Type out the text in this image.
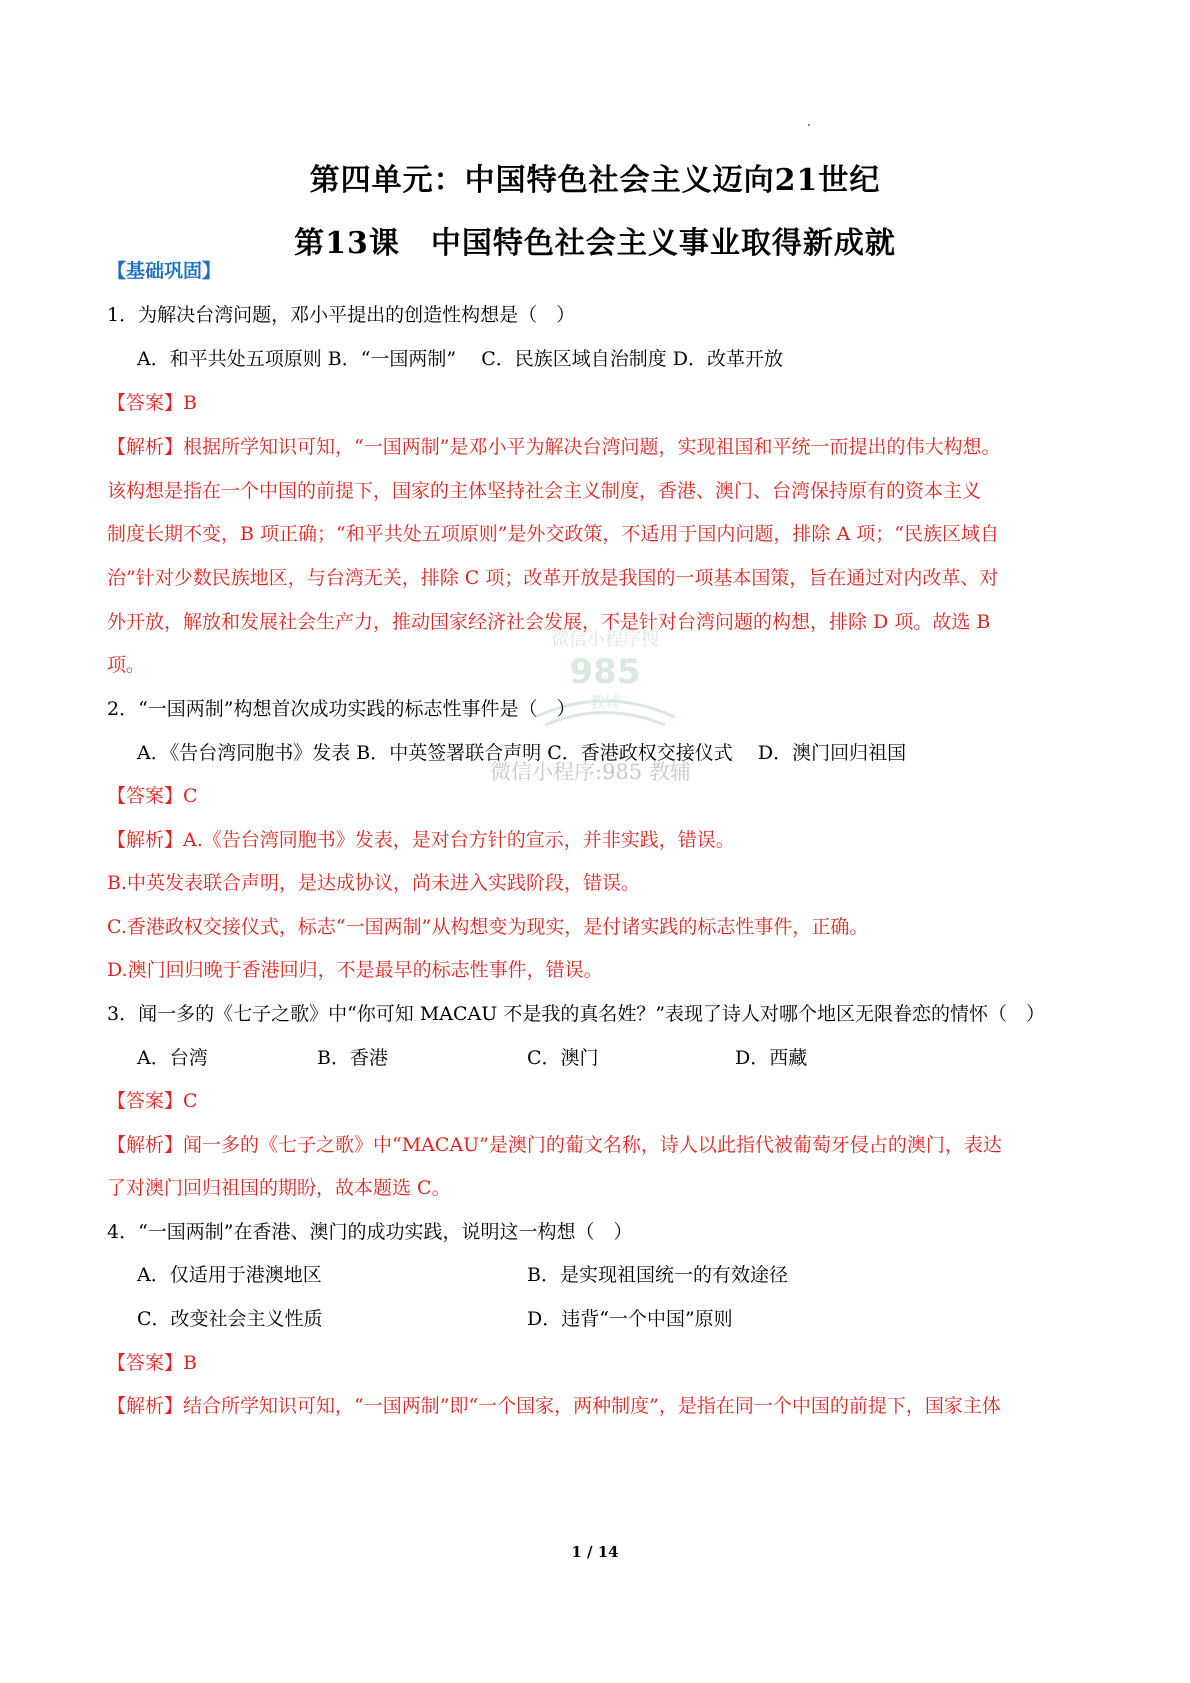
第四单元：中国特色社会主义迈向21世纪
第13课　中国特色社会主义事业取得新成就
【基础巩固】
1．为解决台湾问题，邓小平提出的创造性构想是（　）
A．和平共处五项原则 B．“一国两制”　 C．民族区域自治制度 D．改革开放
【答案】B
【解析】根据所学知识可知，“一国两制”是邓小平为解决台湾问题，实现祖国和平统一而提出的伟大构想。
该构想是指在一个中国的前提下，国家的主体坚持社会主义制度，香港、澳门、台湾保持原有的资本主义
制度长期不变，B 项正确；“和平共处五项原则”是外交政策，不适用于国内问题，排除 A 项；“民族区域自
治”针对少数民族地区，与台湾无关，排除 C 项；改革开放是我国的一项基本国策，旨在通过对内改革、对
外开放，解放和发展社会生产力，推动国家经济社会发展，不是针对台湾问题的构想，排除 D 项。故选 B
项。
2．“一国两制”构想首次成功实践的标志性事件是（　）
A．《告台湾同胞书》发表 B．中英签署联合声明 C．香港政权交接仪式　 D．澳门回归祖国
【答案】C
【解析】A.《告台湾同胞书》发表，是对台方针的宣示，并非实践，错误。
B.中英发表联合声明，是达成协议，尚未进入实践阶段，错误。
C.香港政权交接仪式，标志“一国两制”从构想变为现实，是付诸实践的标志性事件，正确。
D.澳门回归晚于香港回归，不是最早的标志性事件，错误。
3．闻一多的《七子之歌》中“你可知 MACAU 不是我的真名姓？”表现了诗人对哪个地区无限眷恋的情怀（　）
A．台湾	B．香港	C．澳门	D．西藏
【答案】C
【解析】闻一多的《七子之歌》中“MACAU”是澳门的葡文名称，诗人以此指代被葡萄牙侵占的澳门，表达
了对澳门回归祖国的期盼，故本题选 C。
4．“一国两制”在香港、澳门的成功实践，说明这一构想（　）
A．仅适用于港澳地区	B．是实现祖国统一的有效途径
C．改变社会主义性质	D．违背“一个中国”原则
【答案】B
【解析】结合所学知识可知，“一国两制”即“一个国家，两种制度”，是指在同一个中国的前提下，国家主体
微信小程序搜
985
教辅
微信小程序:985 教辅
1 / 14
